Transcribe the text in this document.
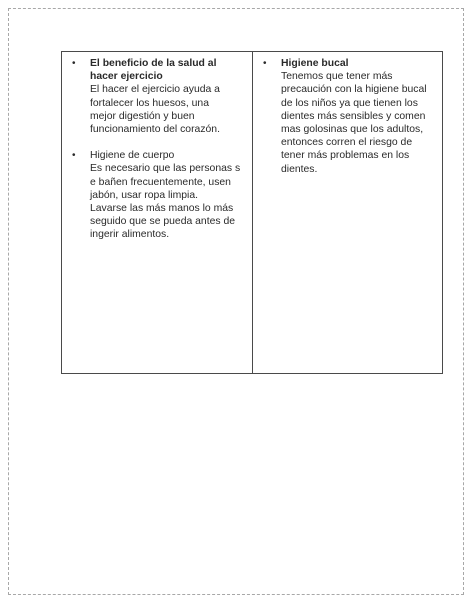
• El beneficio de la salud al hacer ejercicio
El hacer el ejercicio ayuda a
fortalecer los huesos, una
mejor digestión y buen
funcionamiento del corazón.
• Higiene de cuerpo
Es necesario que las personas s
e bañen frecuentemente, usen
jabón, usar ropa limpia.
Lavarse las más manos lo más
seguido que se pueda antes de
ingerir alimentos.

• Higiene bucal
Tenemos que tener más
precaución con la higiene bucal
de los niños ya que tienen los
dientes más sensibles y comen
mas golosinas que los adultos,
entonces corren el riesgo de
tener más problemas en los
dientes.
